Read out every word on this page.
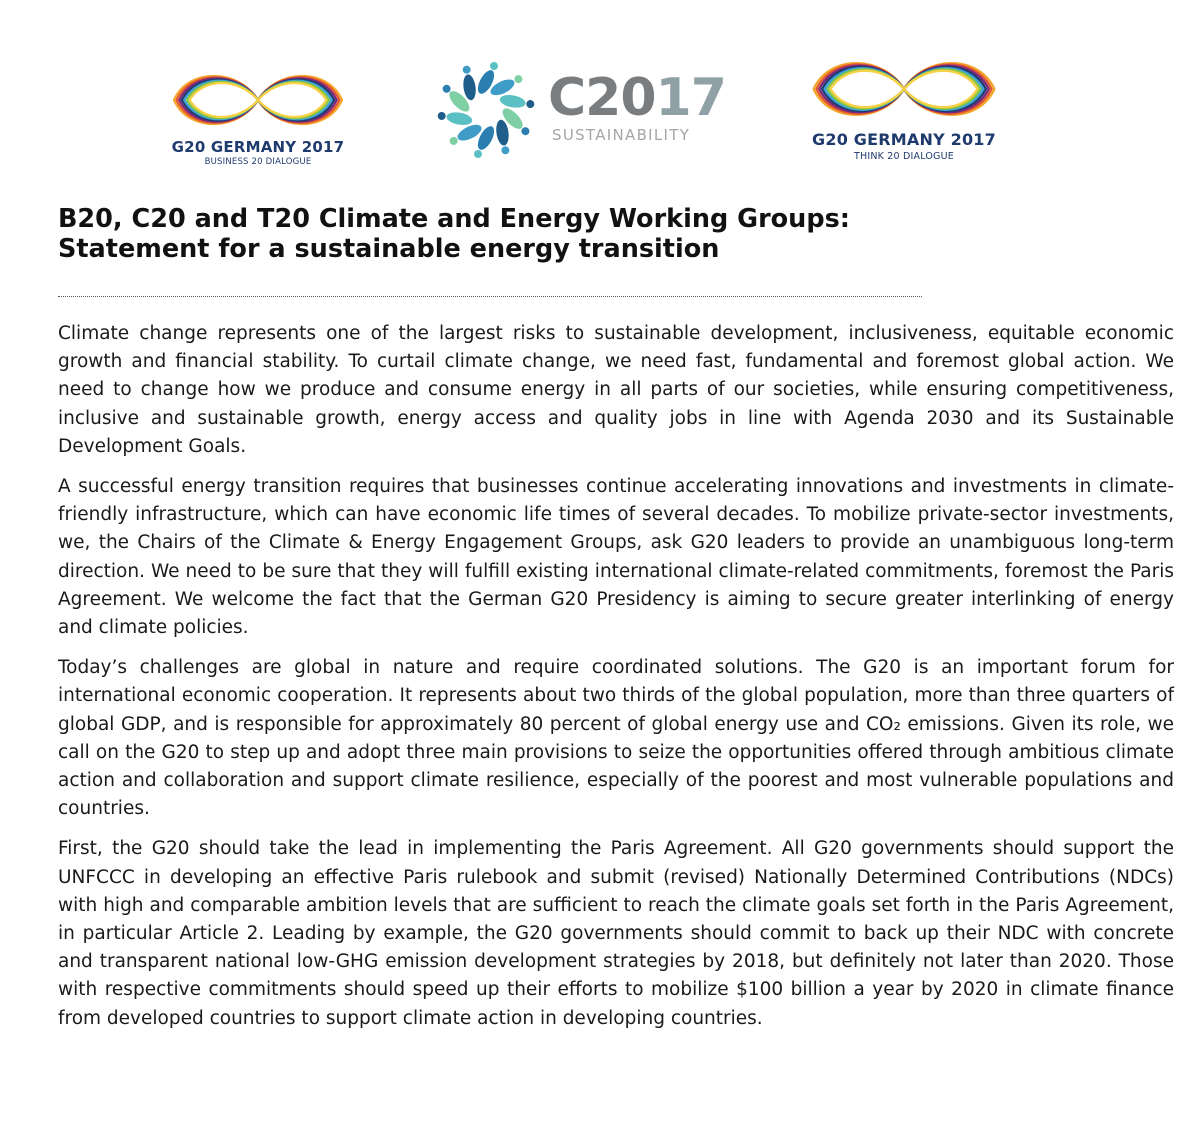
G20 GERMANY 2017
BUSINESS 20 DIALOGUE
C2017
SUSTAINABILITY	G20 GERMANY 2017
THINK 20 DIALOGUE
B20, C20 and T20 Climate and Energy Working Groups:
Statement for a sustainable energy transition

Climate change represents one of the largest risks to sustainable development, inclusiveness, equitable economic growth and financial stability. To curtail climate change, we need fast, fundamental and foremost global action. We need to change how we produce and consume energy in all parts of our societies, while ensuring competitiveness, inclusive and sustainable growth, energy access and quality jobs in line with Agenda 2030 and its Sustainable Development Goals.

A successful energy transition requires that businesses continue accelerating innovations and investments in climate-friendly infrastructure, which can have economic life times of several decades. To mobilize private-sector investments, we, the Chairs of the Climate & Energy Engagement Groups, ask G20 leaders to provide an unambiguous long-term direction. We need to be sure that they will fulfill existing international climate-related commitments, foremost the Paris Agreement. We welcome the fact that the German G20 Presidency is aiming to secure greater interlinking of energy and climate policies.

Today’s challenges are global in nature and require coordinated solutions. The G20 is an important forum for international economic cooperation. It represents about two thirds of the global population, more than three quarters of global GDP, and is responsible for approximately 80 percent of global energy use and CO₂ emissions. Given its role, we call on the G20 to step up and adopt three main provisions to seize the opportunities offered through ambitious climate action and collaboration and support climate resilience, especially of the poorest and most vulnerable populations and countries.

First, the G20 should take the lead in implementing the Paris Agreement. All G20 governments should support the UNFCCC in developing an effective Paris rulebook and submit (revised) Nationally Determined Contributions (NDCs) with high and comparable ambition levels that are sufficient to reach the climate goals set forth in the Paris Agreement, in particular Article 2. Leading by example, the G20 governments should commit to back up their NDC with concrete and transparent national low-GHG emission development strategies by 2018, but definitely not later than 2020. Those with respective commitments should speed up their efforts to mobilize $100 billion a year by 2020 in climate finance from developed countries to support climate action in developing countries.
